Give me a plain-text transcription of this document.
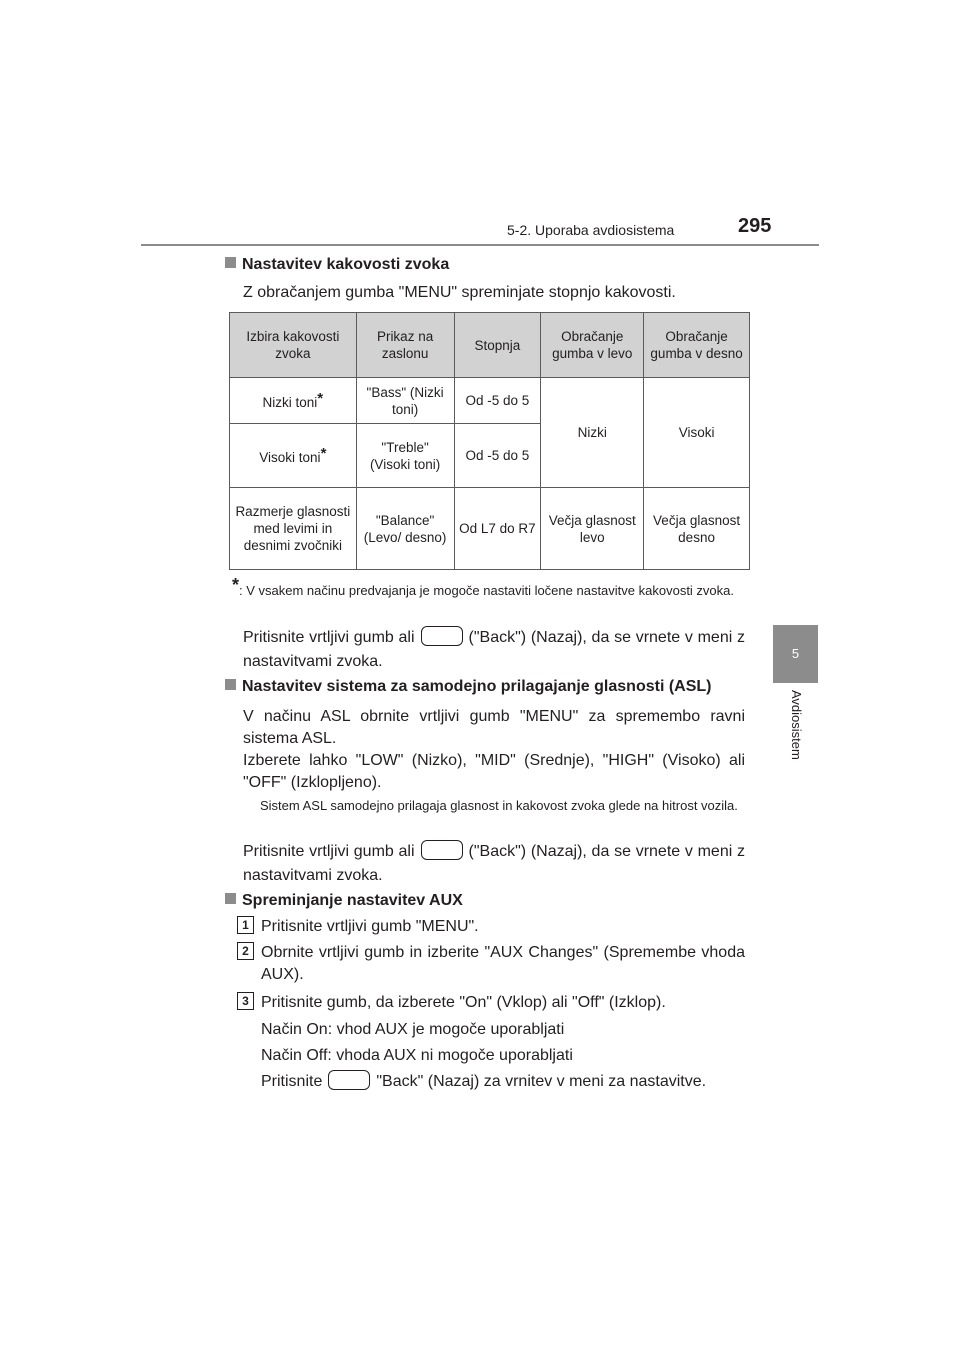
5-2. Uporaba avdiosistema	295
5
Avdiosistem
Nastavitev kakovosti zvoka
Z obračanjem gumba "MENU" spreminjate stopnjo kakovosti.
Izbira kakovosti zvoka	Prikaz na zaslonu	Stopnja	Obračanje gumba v levo	Obračanje gumba v desno
Nizki toni*	"Bass" (Nizki toni)	Od -5 do 5	Nizki	Visoki
Visoki toni*	"Treble" (Visoki toni)	Od -5 do 5		
Razmerje glasnosti med levimi in desnimi zvočniki	"Balance" (Levo/ desno)	Od L7 do R7	Večja glasnost levo	Večja glasnost desno
*: V vsakem načinu predvajanja je mogoče nastaviti ločene nastavitve kakovosti zvoka.
Pritisnite vrtljivi gumb ali	("Back") (Nazaj), da se vrnete v meni z nastavitvami zvoka.
Nastavitev sistema za samodejno prilagajanje glasnosti (ASL)
V načinu ASL obrnite vrtljivi gumb "MENU" za spremembo ravni sistema ASL.
Izberete lahko "LOW" (Nizko), "MID" (Srednje), "HIGH" (Visoko) ali "OFF" (Izklopljeno).
Sistem ASL samodejno prilagaja glasnost in kakovost zvoka glede na hitrost vozila.
Pritisnite vrtljivi gumb ali	("Back") (Nazaj), da se vrnete v meni z nastavitvami zvoka.
Spreminjanje nastavitev AUX
1 Pritisnite vrtljivi gumb "MENU".
2 Obrnite vrtljivi gumb in izberite "AUX Changes" (Spremembe vhoda AUX).
3 Pritisnite gumb, da izberete "On" (Vklop) ali "Off" (Izklop).
Način On: vhod AUX je mogoče uporabljati
Način Off: vhoda AUX ni mogoče uporabljati
Pritisnite	"Back" (Nazaj) za vrnitev v meni za nastavitve.
